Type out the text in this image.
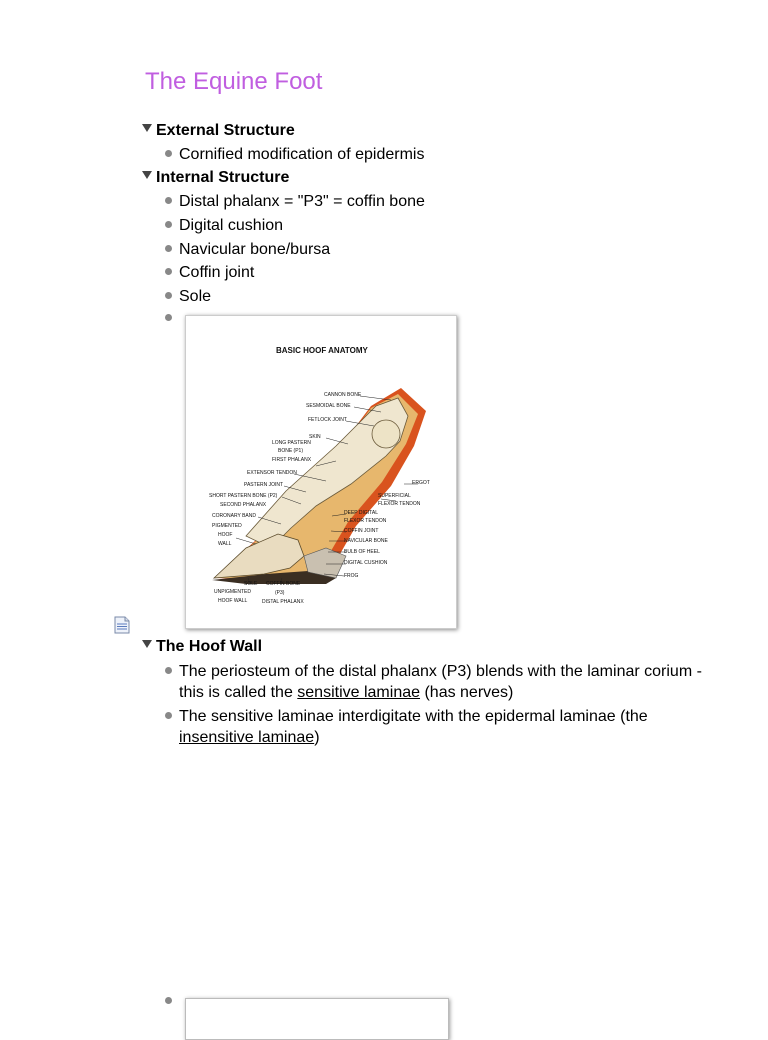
The Equine Foot
External Structure
Cornified modification of epidermis
Internal Structure
Distal phalanx = "P3" = coffin bone
Digital cushion
Navicular bone/bursa
Coffin joint
Sole
BASIC HOOF ANATOMY
CANNON BONE
SESMOIDAL BONE
FETLOCK JOINT
SKIN
LONG PASTERN
BONE (P1)
FIRST PHALANX
EXTENSOR TENDON
PASTERN JOINT
SHORT PASTERN BONE (P2)
SECOND PHALANX
CORONARY BAND
PIGMENTED
HOOF
WALL
ERGOT
SUPERFICIAL
FLEXOR TENDON
DEEP DIGITAL
FLEXOR TENDON
COFFIN JOINT
NAVICULAR BONE
BULB OF HEEL
DIGITAL CUSHION
FROG
SOLE COFFIN BONE
(P3)
DISTAL PHALANX
UNPIGMENTED
HOOF WALL
The Hoof Wall
The periosteum of the distal phalanx (P3) blends with the laminar corium - this is called the sensitive laminae (has nerves)
The sensitive laminae interdigitate with the epidermal laminae (the insensitive laminae)
